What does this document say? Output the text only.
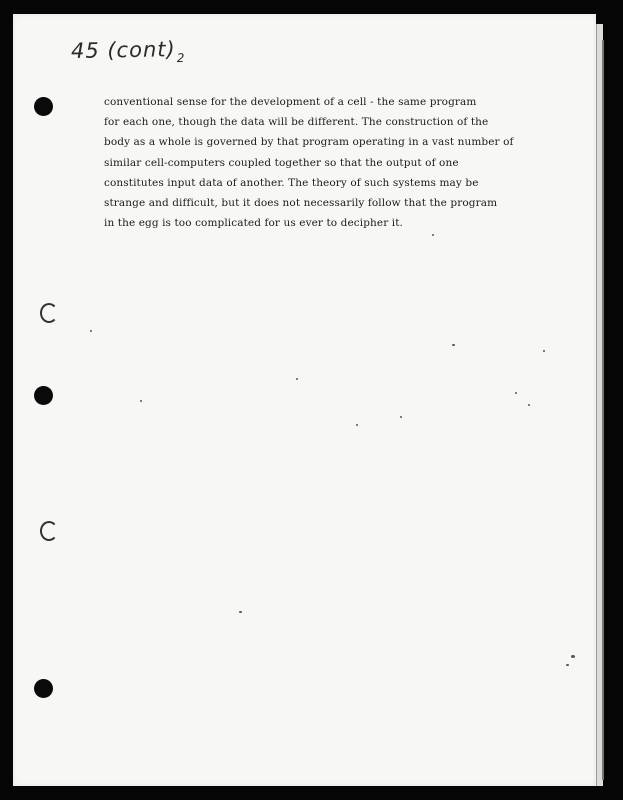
45 $(cont)_2$
conventional sense for the development of a cell - the same program
for each one, though the data will be different. The construction of the
body as a whole is governed by that program operating in a vast number of
similar cell-computers coupled together so that the output of one
constitutes input data of another. The theory of such systems may be
strange and difficult, but it does not necessarily follow that the program
in the egg is too complicated for us ever to decipher it.
